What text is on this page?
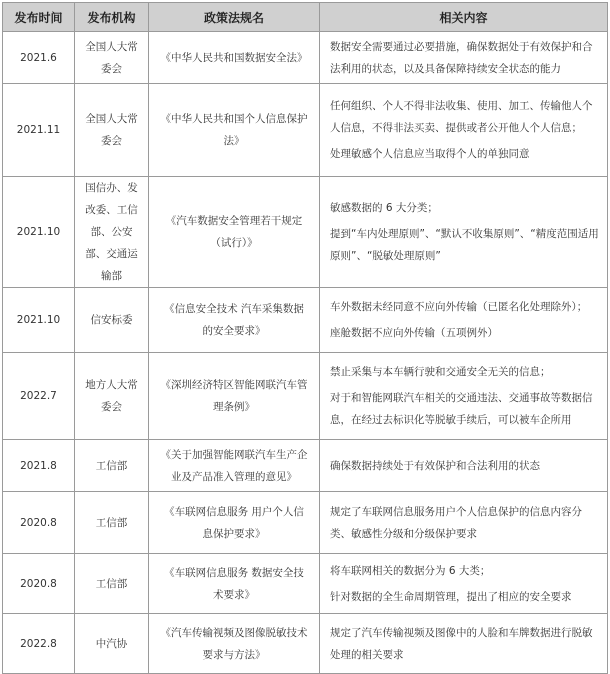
发布时间	发布机构	政策法规名	相关内容
2021.6	全国人大常委会	《中华人民共和国数据安全法》	数据安全需要通过必要措施，确保数据处于有效保护和合法利用的状态，以及具备保障持续安全状态的能力

2021.11	全国人大常委会	《中华人民共和国个人信息保护法》	任何组织、个人不得非法收集、使用、加工、传输他人个人信息，不得非法买卖、提供或者公开他人个人信息；
处理敏感个人信息应当取得个人的单独同意

2021.10	国信办、发改委、工信部、公安部、交通运输部	《汽车数据安全管理若干规定（试行）》	敏感数据的 6 大分类；
提到“车内处理原则”、“默认不收集原则”、“精度范围适用原则”、“脱敏处理原则”

2021.10	信安标委	《信息安全技术 汽车采集数据的安全要求》	车外数据未经同意不应向外传输（已匿名化处理除外）；
座舱数据不应向外传输（五项例外）

2022.7	地方人大常委会	《深圳经济特区智能网联汽车管理条例》	禁止采集与本车辆行驶和交通安全无关的信息；
对于和智能网联汽车相关的交通违法、交通事故等数据信息，在经过去标识化等脱敏手续后，可以被车企所用

2021.8	工信部	《关于加强智能网联汽车生产企业及产品准入管理的意见》	确保数据持续处于有效保护和合法利用的状态

2020.8	工信部	《车联网信息服务 用户个人信息保护要求》	规定了车联网信息服务用户个人信息保护的信息内容分类、敏感性分级和分级保护要求

2020.8	工信部	《车联网信息服务 数据安全技术要求》	将车联网相关的数据分为 6 大类；
针对数据的全生命周期管理，提出了相应的安全要求

2022.8	中汽协	《汽车传输视频及图像脱敏技术要求与方法》	规定了汽车传输视频及图像中的人脸和车牌数据进行脱敏处理的相关要求
